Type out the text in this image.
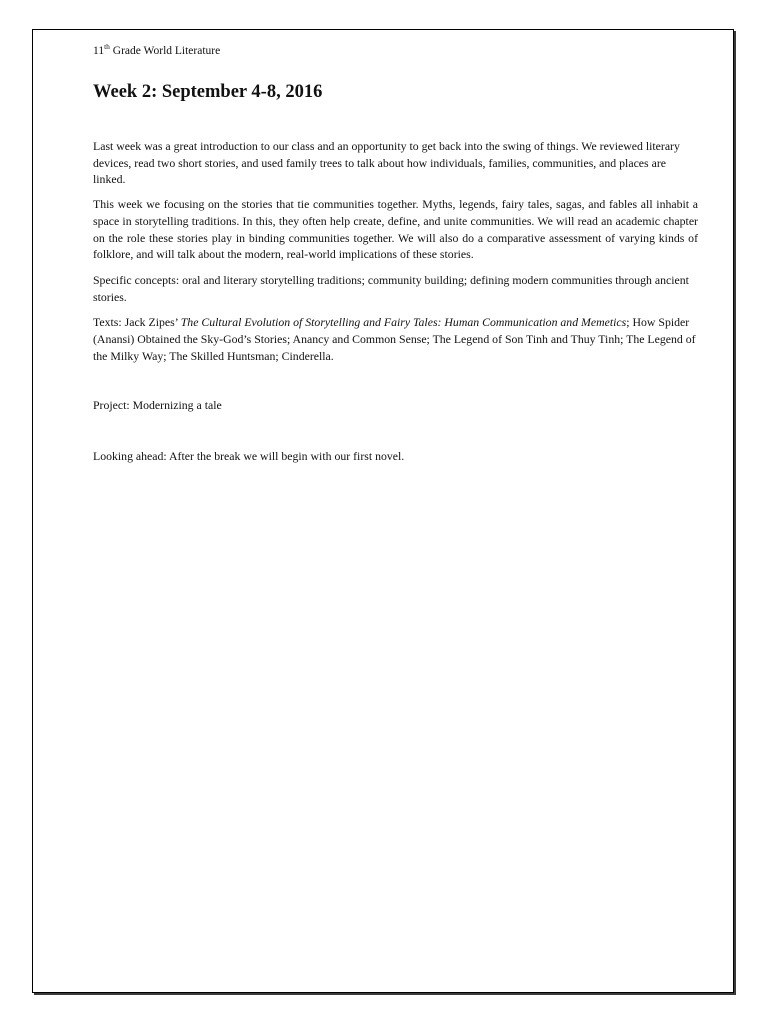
11th Grade World Literature

Week 2: September 4-8, 2016

Last week was a great introduction to our class and an opportunity to get back into the swing of things. We reviewed literary devices, read two short stories, and used family trees to talk about how individuals, families, communities, and places are linked.

This week we focusing on the stories that tie communities together. Myths, legends, fairy tales, sagas, and fables all inhabit a space in storytelling traditions. In this, they often help create, define, and unite communities. We will read an academic chapter on the role these stories play in binding communities together. We will also do a comparative assessment of varying kinds of folklore, and will talk about the modern, real-world implications of these stories.

Specific concepts: oral and literary storytelling traditions; community building; defining modern communities through ancient stories.

Texts: Jack Zipes’ The Cultural Evolution of Storytelling and Fairy Tales: Human Communication and Memetics; How Spider (Anansi) Obtained the Sky-God’s Stories; Anancy and Common Sense; The Legend of Son Tinh and Thuy Tinh; The Legend of the Milky Way; The Skilled Huntsman; Cinderella.

Project: Modernizing a tale

Looking ahead: After the break we will begin with our first novel.
